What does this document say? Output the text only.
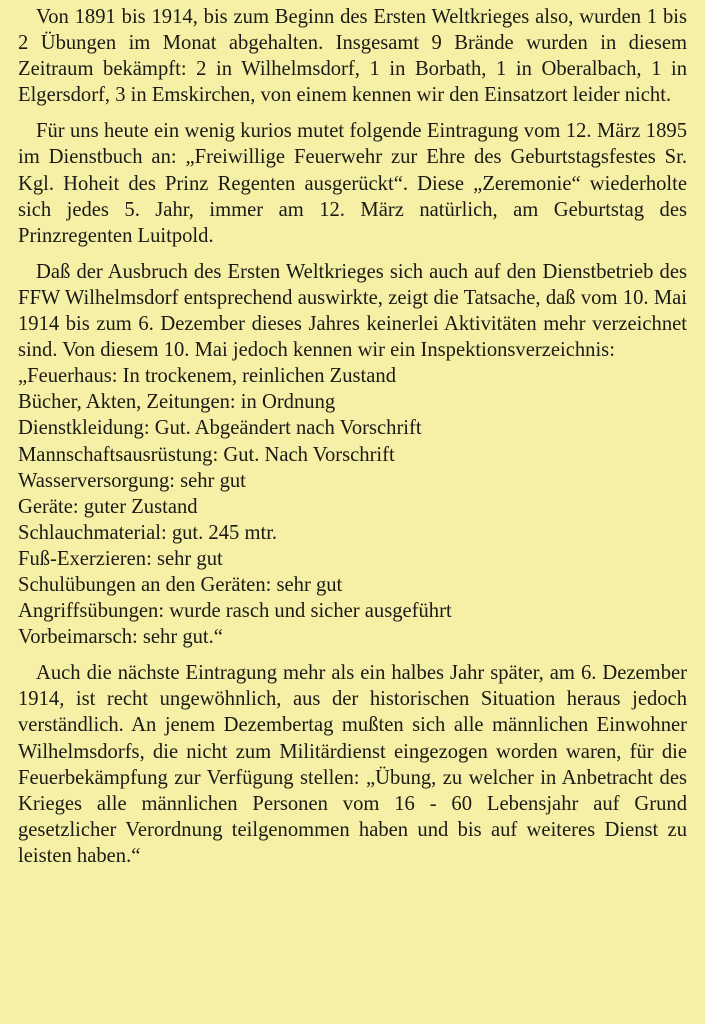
Von 1891 bis 1914, bis zum Beginn des Ersten Weltkrieges also, wurden 1 bis 2 Übungen im Monat abgehalten. Insgesamt 9 Brände wurden in diesem Zeitraum bekämpft: 2 in Wilhelmsdorf, 1 in Borbath, 1 in Oberalbach, 1 in Elgersdorf, 3 in Emskirchen, von einem kennen wir den Einsatzort leider nicht.

Für uns heute ein wenig kurios mutet folgende Eintragung vom 12. März 1895 im Dienstbuch an: „Freiwillige Feuerwehr zur Ehre des Geburtstagsfestes Sr. Kgl. Hoheit des Prinz Regenten ausgerückt“. Diese „Zeremonie“ wiederholte sich jedes 5. Jahr, immer am 12. März natürlich, am Geburtstag des Prinzregenten Luitpold.

Daß der Ausbruch des Ersten Weltkrieges sich auch auf den Dienstbetrieb des FFW Wilhelmsdorf entsprechend auswirkte, zeigt die Tatsache, daß vom 10. Mai 1914 bis zum 6. Dezember dieses Jahres keinerlei Aktivitäten mehr verzeichnet sind. Von diesem 10. Mai jedoch kennen wir ein Inspektionsverzeichnis:

„Feuerhaus: In trockenem, reinlichen Zustand
Bücher, Akten, Zeitungen: in Ordnung
Dienstkleidung: Gut. Abgeändert nach Vorschrift
Mannschaftsausrüstung: Gut. Nach Vorschrift
Wasserversorgung: sehr gut
Geräte: guter Zustand
Schlauchmaterial: gut. 245 mtr.
Fuß-Exerzieren: sehr gut
Schulübungen an den Geräten: sehr gut
Angriffsübungen: wurde rasch und sicher ausgeführt
Vorbeimarsch: sehr gut.“

Auch die nächste Eintragung mehr als ein halbes Jahr später, am 6. Dezember 1914, ist recht ungewöhnlich, aus der historischen Situation heraus jedoch verständlich. An jenem Dezembertag mußten sich alle männlichen Einwohner Wilhelmsdorfs, die nicht zum Militärdienst eingezogen worden waren, für die Feuerbekämpfung zur Verfügung stellen: „Übung, zu welcher in Anbetracht des Krieges alle männlichen Personen vom 16 - 60 Lebensjahr auf Grund gesetzlicher Verordnung teilgenommen haben und bis auf weiteres Dienst zu leisten haben.“
